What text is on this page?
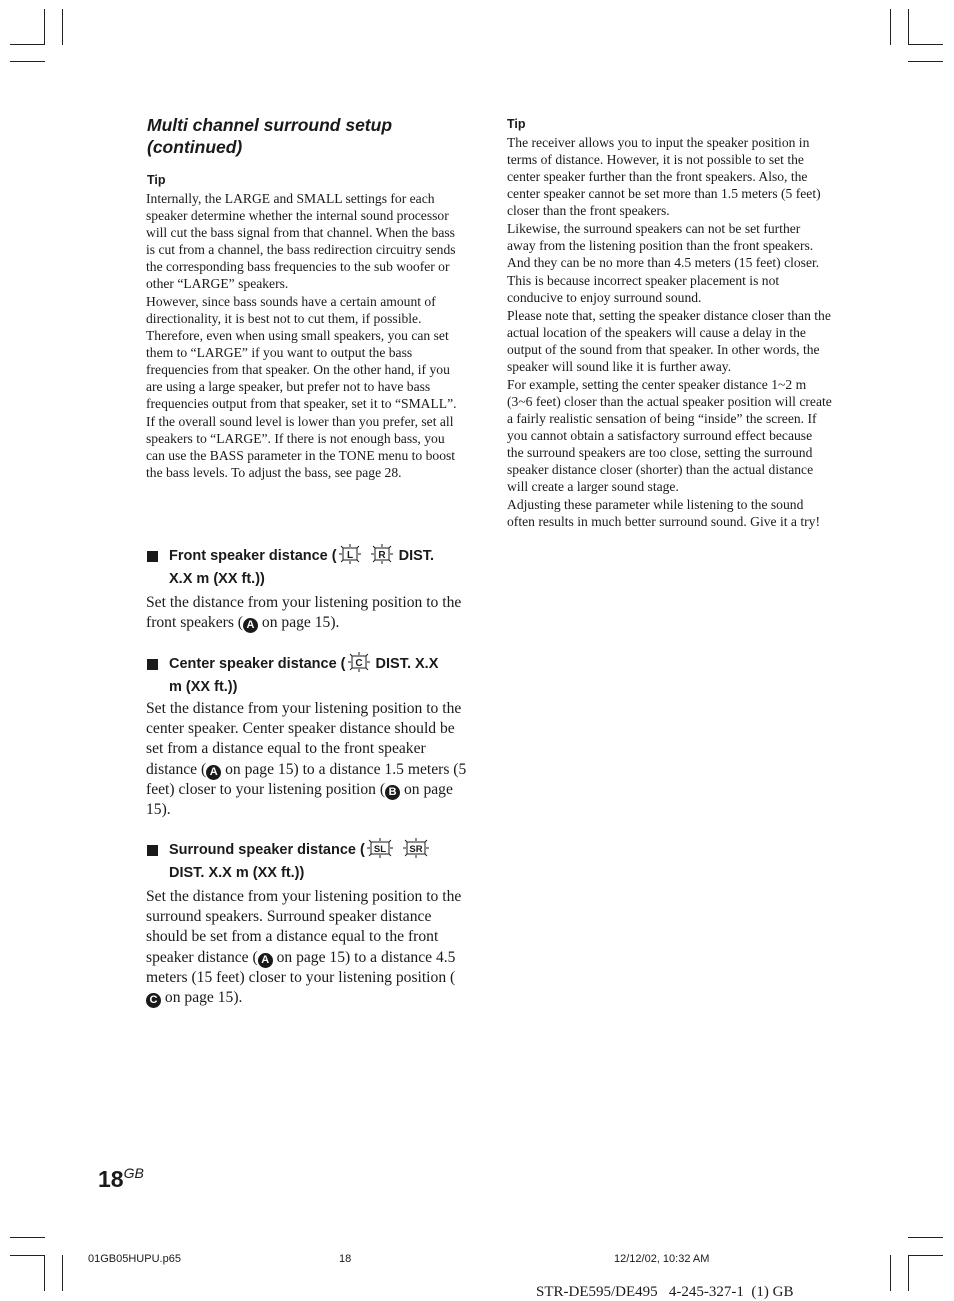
Multi channel surround setup (continued)
Tip

Internally, the LARGE and SMALL settings for each speaker determine whether the internal sound processor will cut the bass signal from that channel. When the bass is cut from a channel, the bass redirection circuitry sends the corresponding bass frequencies to the sub woofer or other “LARGE” speakers.

However, since bass sounds have a certain amount of directionality, it is best not to cut them, if possible. Therefore, even when using small speakers, you can set them to “LARGE” if you want to output the bass frequencies from that speaker. On the other hand, if you are using a large speaker, but prefer not to have bass frequencies output from that speaker, set it to “SMALL”.

If the overall sound level is lower than you prefer, set all speakers to “LARGE”. If there is not enough bass, you can use the BASS parameter in the TONE menu to boost the bass levels. To adjust the bass, see page 28.

Front speaker distance ( L	R DIST.
X.X m (XX ft.))

Set the distance from your listening position to the front speakers ( A on page 15).

Center speaker distance ( C DIST. X.X
m (XX ft.))

Set the distance from your listening position to the center speaker. Center speaker distance should be set from a distance equal to the front speaker distance ( A on page 15) to a distance 1.5 meters (5 feet) closer to your listening position ( B on page 15).

Surround speaker distance ( SL SR

DIST. X.X m (XX ft.))

Set the distance from your listening position to the surround speakers. Surround speaker distance should be set from a distance equal to the front speaker distance ( A on page 15) to a distance 4.5 meters (15 feet) closer to your listening position (C on page 15).

Tip

The receiver allows you to input the speaker position in terms of distance. However, it is not possible to set the center speaker further than the front speakers. Also, the center speaker cannot be set more than 1.5 meters (5 feet) closer than the front speakers.

Likewise, the surround speakers can not be set further away from the listening position than the front speakers. And they can be no more than 4.5 meters (15 feet) closer.

This is because incorrect speaker placement is not conducive to enjoy surround sound.

Please note that, setting the speaker distance closer than the actual location of the speakers will cause a delay in the output of the sound from that speaker. In other words, the speaker will sound like it is further away.

For example, setting the center speaker distance 1~2 m (3~6 feet) closer than the actual speaker position will create a fairly realistic sensation of being “inside” the screen. If you cannot obtain a satisfactory surround effect because the surround speakers are too close, setting the surround speaker distance closer (shorter) than the actual distance will create a larger sound stage.

Adjusting these parameter while listening to the sound often results in much better surround sound. Give it a try!

$18^{GB}$
01GB05HUPU.p65	18	12/12/02, 10:32 AM
STR-DE595/DE495   4-245-327-1  (1) GB
